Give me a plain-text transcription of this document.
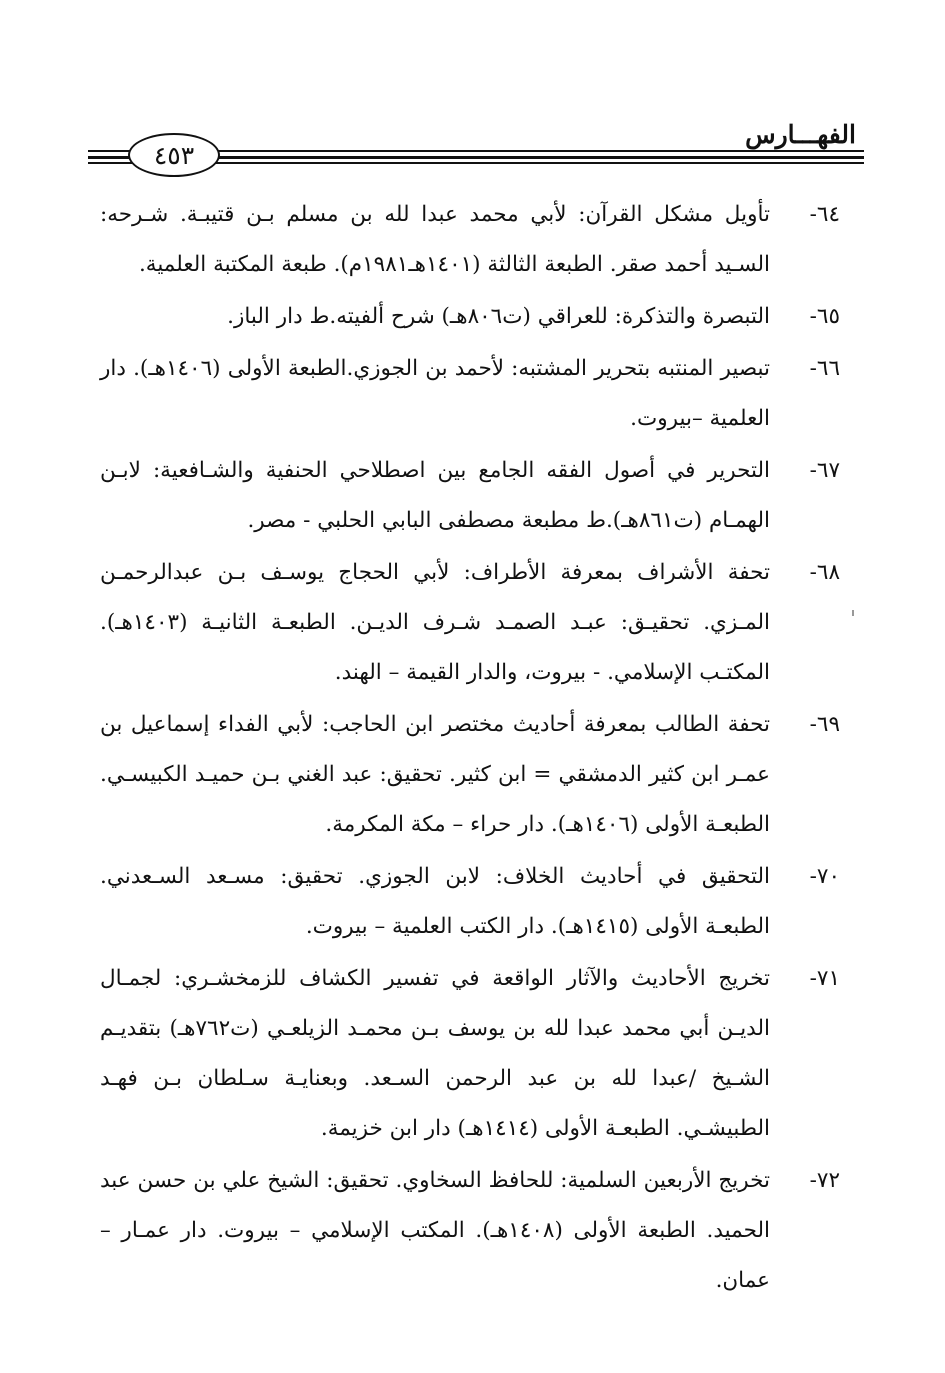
الفهـــارس
٤٥٣
٦٤-
تأويل مشكل القرآن: لأبي محمد عبدا لله بن مسلم بـن قتيبـة. شـرحه: السـيد أحمد صقر. الطبعة الثالثة (١٤٠١هـ١٩٨١م). طبعة المكتبة العلمية.
٦٥-
التبصرة والتذكرة: للعراقي (ت٨٠٦هـ) شرح ألفيته.ط دار الباز.
٦٦-
تبصير المنتبه بتحرير المشتبه: لأحمد بن الجوزي.الطبعة الأولى (١٤٠٦هـ). دار العلمية –بيروت.
٦٧-
التحرير في أصول الفقه الجامع بين اصطلاحي الحنفية والشـافعية: لابـن الهمـام (ت٨٦١هـ).ط مطبعة مصطفى البابي الحلبي - مصر.
٦٨-
تحفة الأشراف بمعرفة الأطراف: لأبي الحجاج يوسـف بـن عبدالرحمـن المـزي. تحقيـق: عبـد الصمـد شـرف الديـن. الطبعـة الثانيـة (١٤٠٣هـ). المكتـب الإسلامي. - بيروت، والدار القيمة – الهند.
٦٩-
تحفة الطالب بمعرفة أحاديث مختصر ابن الحاجب: لأبي الفداء إسماعيل بن عمـر ابن كثير الدمشقي = ابن كثير. تحقيق: عبد الغني بـن حميـد الكبيسـي. الطبعـة الأولى (١٤٠٦هـ). دار حراء – مكة المكرمة.
٧٠-
التحقيق في أحاديث الخلاف: لابن الجوزي. تحقيق: مسـعد السـعدني. الطبعـة الأولى (١٤١٥هـ). دار الكتب العلمية – بيروت.
٧١-
تخريج الأحاديث والآثار الواقعة في تفسير الكشاف للزمخشـري: لجمـال الديـن أبي محمد عبدا لله بن يوسف بـن محمـد الزيلعـي (ت٧٦٢هـ) بتقديـم الشـيخ /عبدا لله بن عبد الرحمن السـعد. وبعنايـة سـلطان بـن فهـد الطبيشـي. الطبعـة الأولى (١٤١٤هـ) دار ابن خزيمة.
٧٢-
تخريج الأربعين السلمية: للحافظ السخاوي. تحقيق: الشيخ علي بن حسن عبد الحميد. الطبعة الأولى (١٤٠٨هـ). المكتب الإسلامي – بيروت. دار عمـار – عمان.
